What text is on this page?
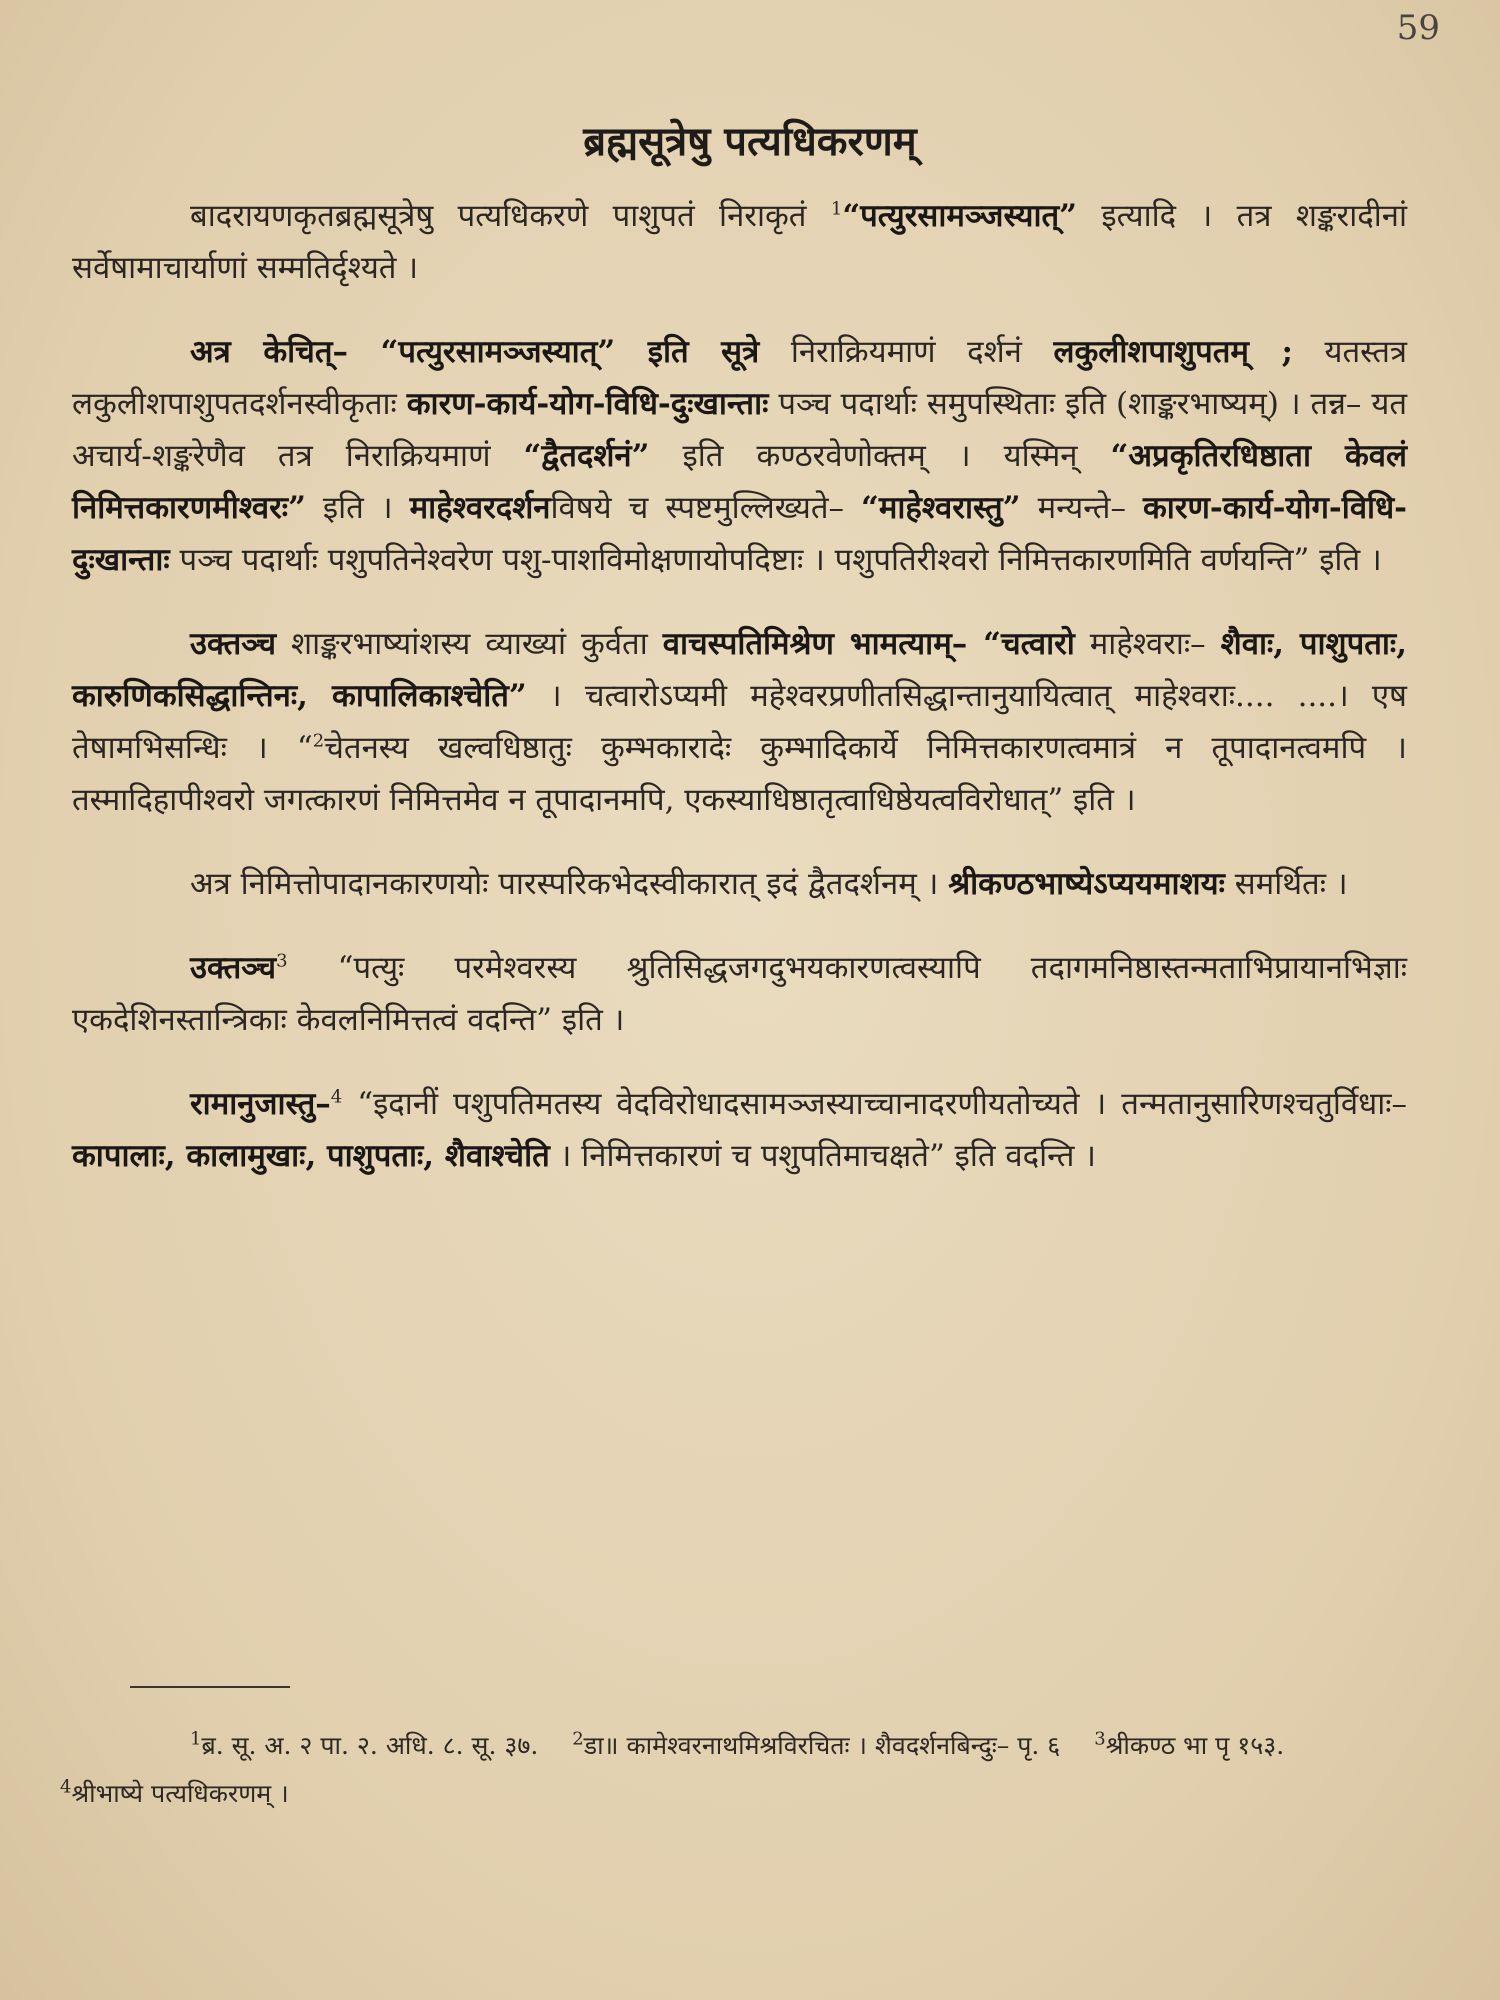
59
ब्रह्मसूत्रेषु पत्यधिकरणम्

बादरायणकृतब्रह्मसूत्रेषु पत्यधिकरणे पाशुपतं निराकृतं $^1$“पत्युरसामञ्जस्यात्” इत्यादि । तत्र शङ्करादीनां सर्वेषामाचार्याणां सम्मतिर्दृश्यते ।

अत्र केचित्– “पत्युरसामञ्जस्यात्” इति सूत्रे निराक्रियमाणं दर्शनं लकुलीशपाशुपतम् ; यतस्तत्र लकुलीशपाशुपतदर्शनस्वीकृताः कारण-कार्य-योग-विधि-दुःखान्ताः पञ्च पदार्थाः समुपस्थिताः इति (शाङ्करभाष्यम्) । तन्न– यत अचार्य-शङ्करेणैव तत्र निराक्रियमाणं “द्वैतदर्शनं” इति कण्ठरवेणोक्तम् । यस्मिन् “अप्रकृतिरधिष्ठाता केवलं निमित्तकारणमीश्वरः” इति । माहेश्वरदर्शनविषये च स्पष्टमुल्लिख्यते– “माहेश्वरास्तु” मन्यन्ते– कारण-कार्य-योग-विधि-दुःखान्ताः पञ्च पदार्थाः पशुपतिनेश्वरेण पशु-पाशविमोक्षणायोपदिष्टाः । पशुपतिरीश्वरो निमित्तकारणमिति वर्णयन्ति” इति ।

उक्तञ्च शाङ्करभाष्यांशस्य व्याख्यां कुर्वता वाचस्पतिमिश्रेण भामत्याम्– “चत्वारो माहेश्वराः– शैवाः, पाशुपताः, कारुणिकसिद्धान्तिनः, कापालिकाश्चेति” । चत्वारोऽप्यमी महेश्वरप्रणीतसिद्धान्तानुयायित्वात् माहेश्वराः.... ....। एष तेषामभिसन्धिः । “$^2$चेतनस्य खल्वधिष्ठातुः कुम्भकारादेः कुम्भादिकार्ये निमित्तकारणत्वमात्रं न तूपादानत्वमपि । तस्मादिहापीश्वरो जगत्कारणं निमित्तमेव न तूपादानमपि, एकस्याधिष्ठातृत्वाधिष्ठेयत्वविरोधात्” इति ।

अत्र निमित्तोपादानकारणयोः पारस्परिकभेदस्वीकारात् इदं द्वैतदर्शनम् । श्रीकण्ठभाष्येऽप्ययमाशयः समर्थितः ।

उक्तञ्च$^3$ “पत्युः परमेश्वरस्य श्रुतिसिद्धजगदुभयकारणत्वस्यापि तदागमनिष्ठास्तन्मताभिप्रायानभिज्ञाः एकदेशिनस्तान्त्रिकाः केवलनिमित्तत्वं वदन्ति” इति ।

रामानुजास्तु–$^4$ “इदानीं पशुपतिमतस्य वेदविरोधादसामञ्जस्याच्चानादरणीयतोच्यते । तन्मतानुसारिणश्चतुर्विधाः– कापालाः, कालामुखाः, पाशुपताः, शैवाश्चेति । निमित्तकारणं च पशुपतिमाचक्षते” इति वदन्ति ।

$^1$ब्र. सू. अ. २ पा. २. अधि. ८. सू. ३७. $^2$डा॥ कामेश्वरनाथमिश्रविरचितः । शैवदर्शनबिन्दुः– पृ. ६ $^3$श्रीकण्ठ भा पृ १५३. $^4$श्रीभाष्ये पत्यधिकरणम् ।
